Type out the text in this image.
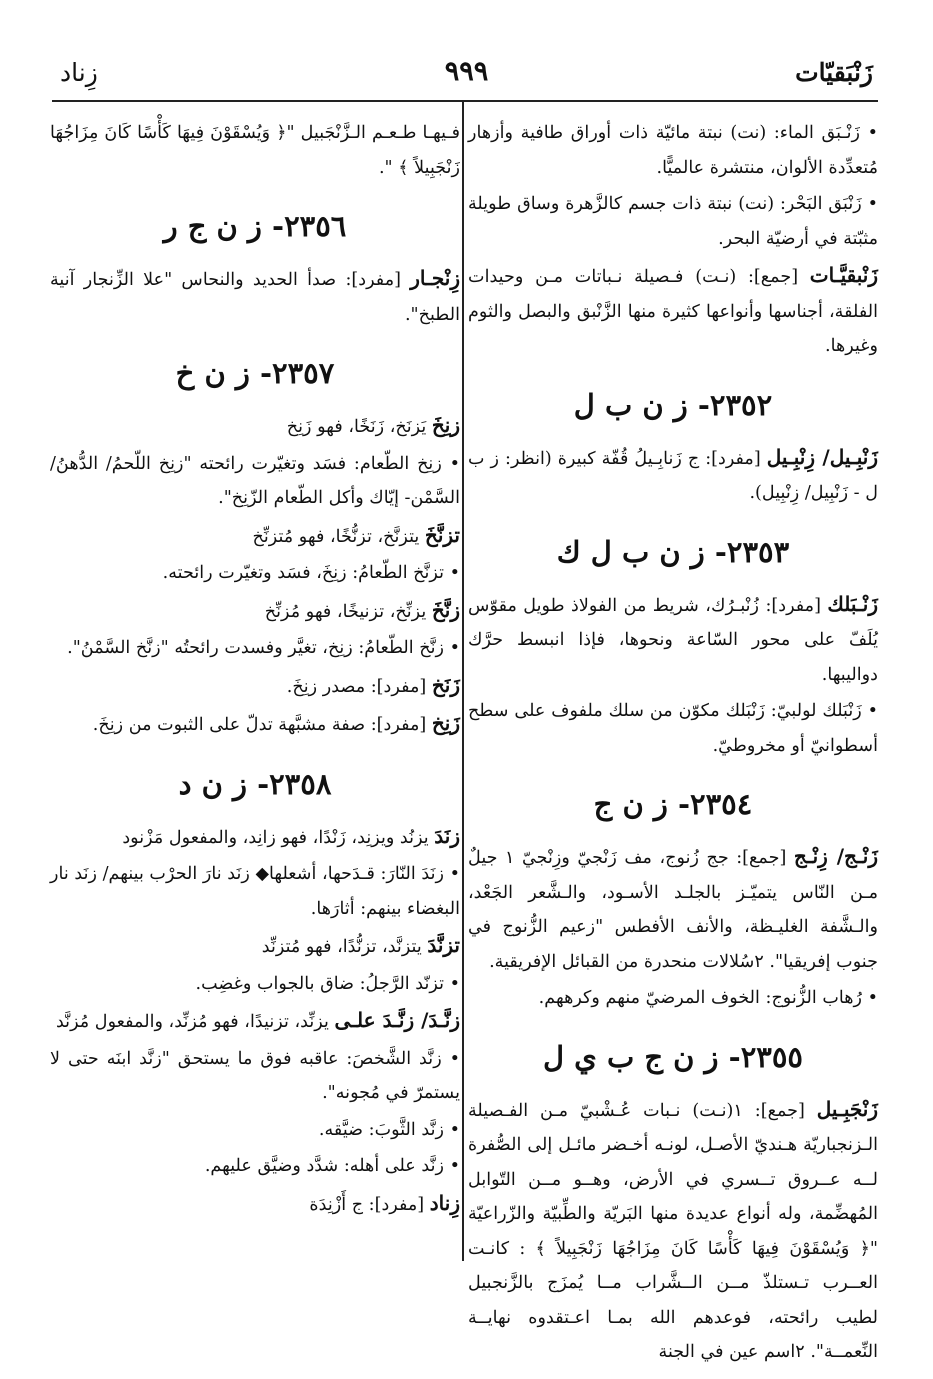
زَنْبَقيّات
٩٩٩
زِناد

• زَنْـبَق الماء: (نت) نبتة مائيّة ذات أوراق طافية وأزهار مُتعدِّدة الألوان، منتشرة عالميًّا.

• زَنْبَق البَحْر: (نت) نبتة ذات جسم كالزَّهرة وساق طويلة مثبّتة في أرضيّة البحر.

زَنْبقيَّـات [جمع]: (نـت) فـصيلة نـباتات مـن وحيدات الفلقة، أجناسها وأنواعها كثيرة منها الزَّنْبق والبصل والثوم وغيرها.

٢٣٥٢- ز ن ب ل

زَنْبِـيل/ زِنْبِـيل [مفرد]: ج زَنابِـيلُ قُفّة كبيرة (انظر: ز ب ل - زَنْبِيل/ زِنْبِيل).

٢٣٥٣- ز ن ب ل ك

زَنْـبَلك [مفرد]: زُنْبـرُك، شريط من الفولاذ طويل مقوّس يُلَفّ على محور السّاعة ونحوها، فإذا انبسط حرَّك دواليبها.

• زَنْبَلك لولبيّ: زَنْبَلك مكوّن من سلك ملفوف على سطح أسطوانيّ أو مخروطيّ.

٢٣٥٤- ز ن ج

زَنْـج/ زِنْـج [جمع]: جج زُنوج، مف زَنْجيّ وزِنْجيّ ١ جيلٌ مـن النّاس يتميّـز بالجلـد الأسـود، والـشَّعر الجَعْد، والـشَّفة الغليـظة، والأنف الأفطس "زعيم الزُّنوج في جنوب إفريقيا". ٢سُلالات منحدرة من القبائل الإفريقية.

• رُهاب الزُّنوج: الخوف المرضيّ منهم وكرههم.

٢٣٥٥- ز ن ج ب ي ل

زَنْجَبِـيل [جمع]: ١(نـت) نـبات عُـشْبيّ مـن الفـصيلة الـزنجباريّة هـنديّ الأصـل، لونـه أخـضر مائـل إلى الصُّفرة لــه عــروق تــسري في الأرض، وهــو مــن التّوابل المُهضِّمة، وله أنواع عديدة منها البَريّة والطِّبيّة والزّراعيّة "﴿ وَيُسْقَوْنَ فِيهَا كَأْسًا كَانَ مِزَاجُهَا زَنْجَبِيلاً ﴾ : كانـت العــرب تـستلذّ مــن الــشَّراب مــا يُمزَج بالزَّنجبيل لطيب رائحته، فوعدهم الله بمـا اعـتقدوه نهايــة النِّعمــة". ٢اسم عين في الجنة

فـيهـا طـعـم الـزَّنْجَبيل "﴿ وَيُسْقَوْنَ فِيهَا كَأْسًا كَانَ مِزَاجُهَا زَنْجَبِيلاً ﴾ ".

٢٣٥٦- ز ن ج ر

زِنْجـار [مفرد]: صدأ الحديد والنحاس "علا الزِّنجار آنية الطبخ".

٢٣٥٧- ز ن خ

زنِخَ يَزنَخ، زَنَخًا، فهو زَنِخ

• زنِخ الطّعام: فسَد وتغيّرت رائحته "زنِخ اللّحمُ/ الدُّهنُ/ السَّمْن- إيّاك وأكل الطّعام الزّنِخ".

تزنَّخَ يتزنَّخ، تزنُّخًا، فهو مُتزنِّخ

• تزنَّخ الطّعامُ: زنِخَ، فسَد وتغيّرت رائحته.

زنَّخَ يزنِّخ، تزنيخًا، فهو مُزنِّخ

• زنَّخ الطّعامُ: زنِخ، تغيَّر وفسدت رائحتُه "زنَّخ السَّمْنُ".

زَنَخ [مفرد]: مصدر زنِخَ.

زَنِخ [مفرد]: صفة مشبَّهة تدلّ على الثبوت من زنِخَ.

٢٣٥٨- ز ن د

زنَدَ يزنُد ويزنِد، زَنْدًا، فهو زانِد، والمفعول مَزْنود

• زنَدَ النّارَ: قـدَحها، أشعلها◆ زنَد نارَ الحرْب بينهم/ زنَد نار البغضاء بينهم: أثارَها.

تزنَّدَ يتزنَّد، تزنُّدًا، فهو مُتزنِّد

• تزنّد الرَّجلُ: ضاق بالجواب وغضِب.

زنَّـدَ/ زنَّـدَ علـى يزنِّد، تزنيدًا، فهو مُزنِّد، والمفعول مُزنَّد

• زنَّد الشَّخصَ: عاقبه فوق ما يستحق "زنَّد ابنَه حتى لا يستمرّ في مُجونه".

• زنَّد الثَّوبَ: ضيَّقه.

• زنَّد على أهله: شدَّد وضيَّق عليهم.

زِناد [مفرد]: ج أَزْنِدَة
